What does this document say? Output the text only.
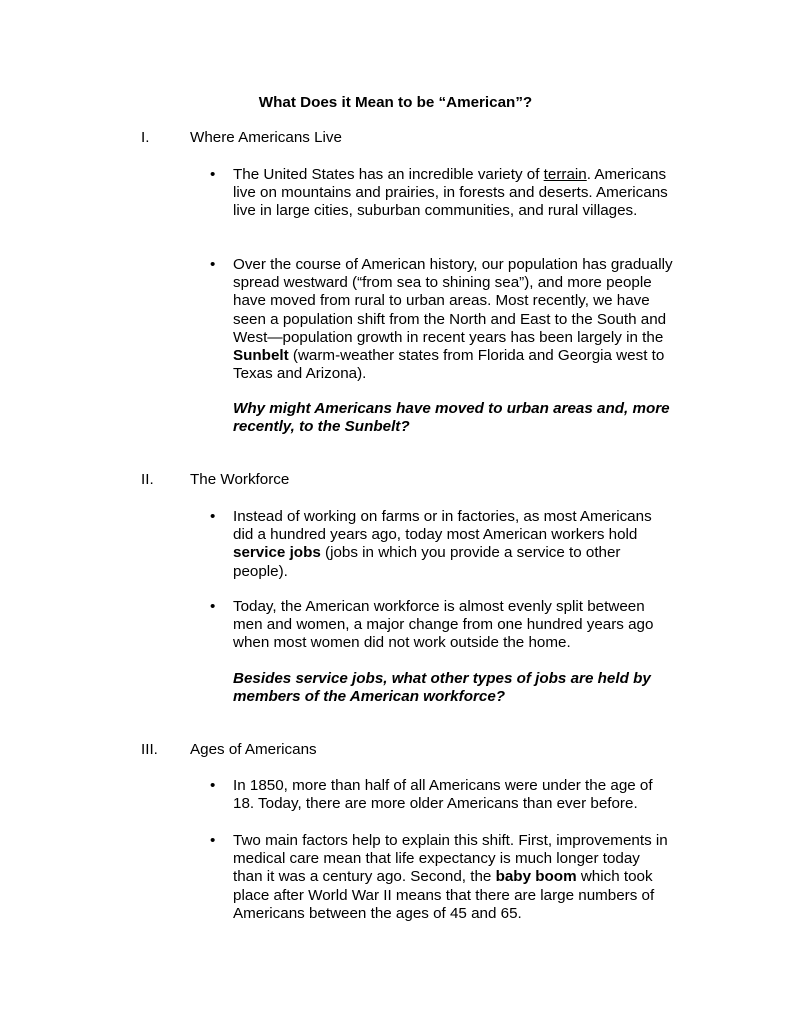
What Does it Mean to be “American”?
I.	Where Americans Live
• The United States has an incredible variety of terrain. Americans live on mountains and prairies, in forests and deserts. Americans live in large cities, suburban communities, and rural villages.
• Over the course of American history, our population has gradually spread westward (“from sea to shining sea”), and more people have moved from rural to urban areas. Most recently, we have seen a population shift from the North and East to the South and West—population growth in recent years has been largely in the Sunbelt (warm-weather states from Florida and Georgia west to Texas and Arizona).
Why might Americans have moved to urban areas and, more recently, to the Sunbelt?
II. The Workforce
• Instead of working on farms or in factories, as most Americans did a hundred years ago, today most American workers hold service jobs (jobs in which you provide a service to other people).
• Today, the American workforce is almost evenly split between men and women, a major change from one hundred years ago when most women did not work outside the home.
Besides service jobs, what other types of jobs are held by members of the American workforce?
III. Ages of Americans
• In 1850, more than half of all Americans were under the age of 18. Today, there are more older Americans than ever before.
• Two main factors help to explain this shift. First, improvements in medical care mean that life expectancy is much longer today than it was a century ago. Second, the baby boom which took place after World War II means that there are large numbers of Americans between the ages of 45 and 65.
